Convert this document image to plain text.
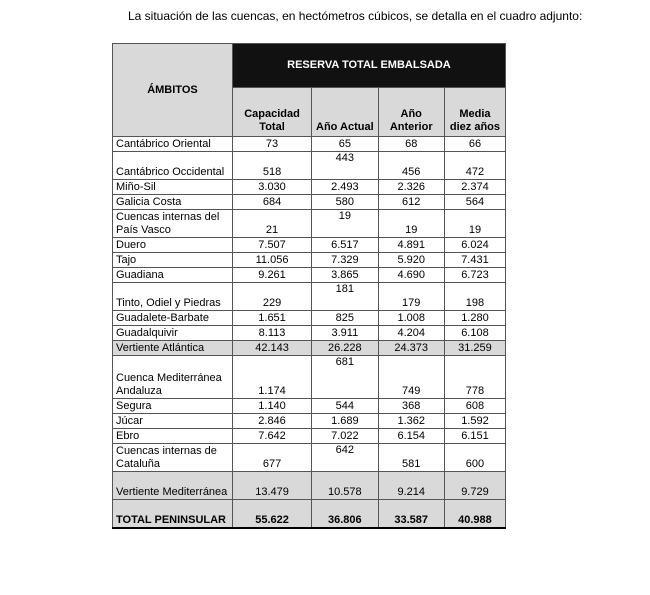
La situación de las cuencas, en hectómetros cúbicos, se detalla en el cuadro adjunto:
ÁMBITOS	RESERVA TOTAL EMBALSADA			
	Capacidad Total	Año Actual	Año Anterior	Media diez años
Cantábrico Oriental	73	65	68	66
Cantábrico Occidental	518	443	456	472
Miño-Sil	3.030	2.493	2.326	2.374
Galicia Costa	684	580	612	564
Cuencas internas del País Vasco	21	19	19	19
Duero	7.507	6.517	4.891	6.024
Tajo	11.056	7.329	5.920	7.431
Guadiana	9.261	3.865	4.690	6.723
Tinto, Odiel y Piedras	229	181	179	198
Guadalete-Barbate	1.651	825	1.008	1.280
Guadalquivir	8.113	3.911	4.204	6.108
Vertiente Atlántica	42.143	26.228	24.373	31.259
Cuenca Mediterránea Andaluza	1.174	681	749	778
Segura	1.140	544	368	608
Júcar	2.846	1.689	1.362	1.592
Ebro	7.642	7.022	6.154	6.151
Cuencas internas de Cataluña	677	642	581	600
Vertiente Mediterránea	13.479	10.578	9.214	9.729
TOTAL PENINSULAR	55.622	36.806	33.587	40.988
